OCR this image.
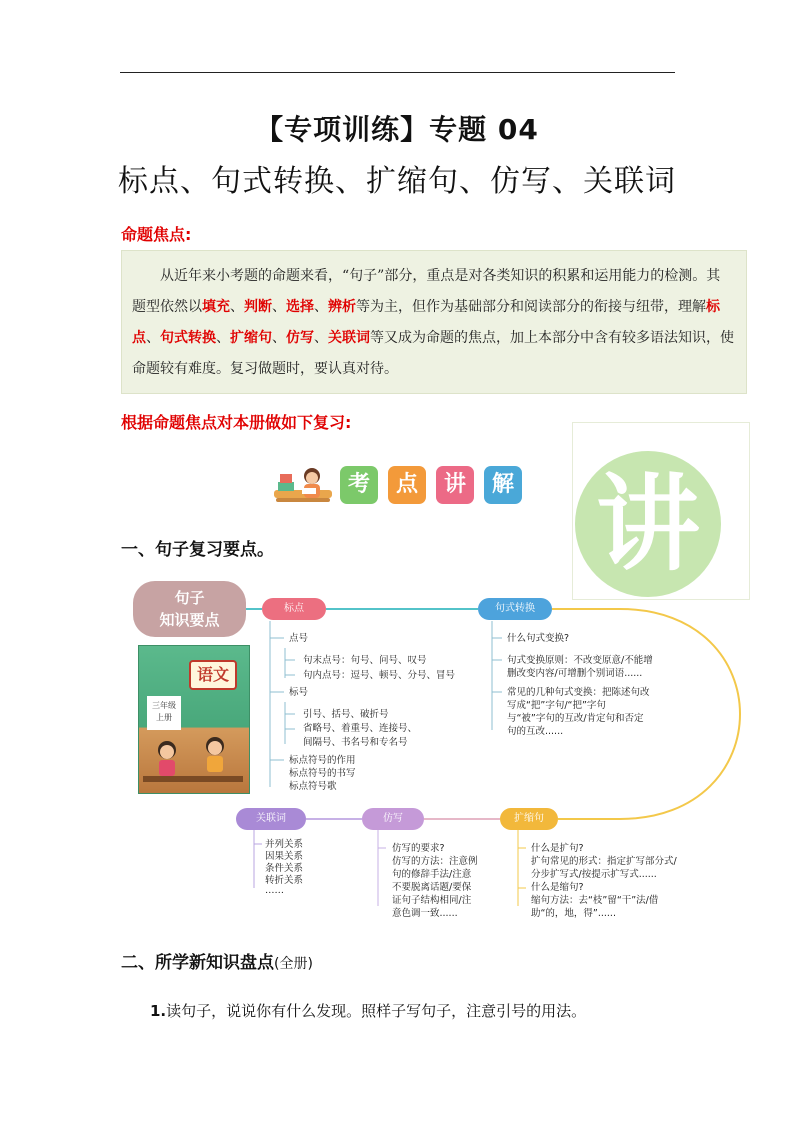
【专项训练】专题 04
标点、句式转换、扩缩句、仿写、关联词
命题焦点:

从近年来小考题的命题来看，“句子”部分，重点是对各类知识的积累和运用能力的检测。其题型依然以填充、判断、选择、辨析等为主，但作为基础部分和阅读部分的衔接与纽带，理解标点、句式转换、扩缩句、仿写、关联词等又成为命题的焦点，加上本部分中含有较多语法知识，使命题较有难度。复习做题时，要认真对待。

根据命题焦点对本册做如下复习:
讲
考	点	讲	解
一、句子复习要点。
句子
知识要点
语文
三年级
上册
标点	句式转换
关联词	仿写	扩缩句
点号
句末点号：句号、问号、叹号
句内点号：逗号、顿号、分号、冒号
标号
引号、括号、破折号
省略号、着重号、连接号、
间隔号、书名号和专名号
标点符号的作用
标点符号的书写
标点符号歌
什么句式变换?
句式变换原则：不改变原意/不能增
删改变内容/可增删个别词语......
常见的几种句式变换：把陈述句改
写成“把”字句/“把”字句
与“被”字句的互改/肯定句和否定
句的互改......
并列关系
因果关系
条件关系
转折关系
……
仿写的要求?
仿写的方法：注意例
句的修辞手法/注意
不要脱离话题/要保
证句子结构相同/注
意色调一致......
什么是扩句?
扩句常见的形式：指定扩写部分式/
分步扩写式/按提示扩写式......
什么是缩句?
缩句方法：去“枝”留“干”法/借
助“的，地，得”......
二、所学新知识盘点(全册)
1.读句子，说说你有什么发现。照样子写句子，注意引号的用法。
